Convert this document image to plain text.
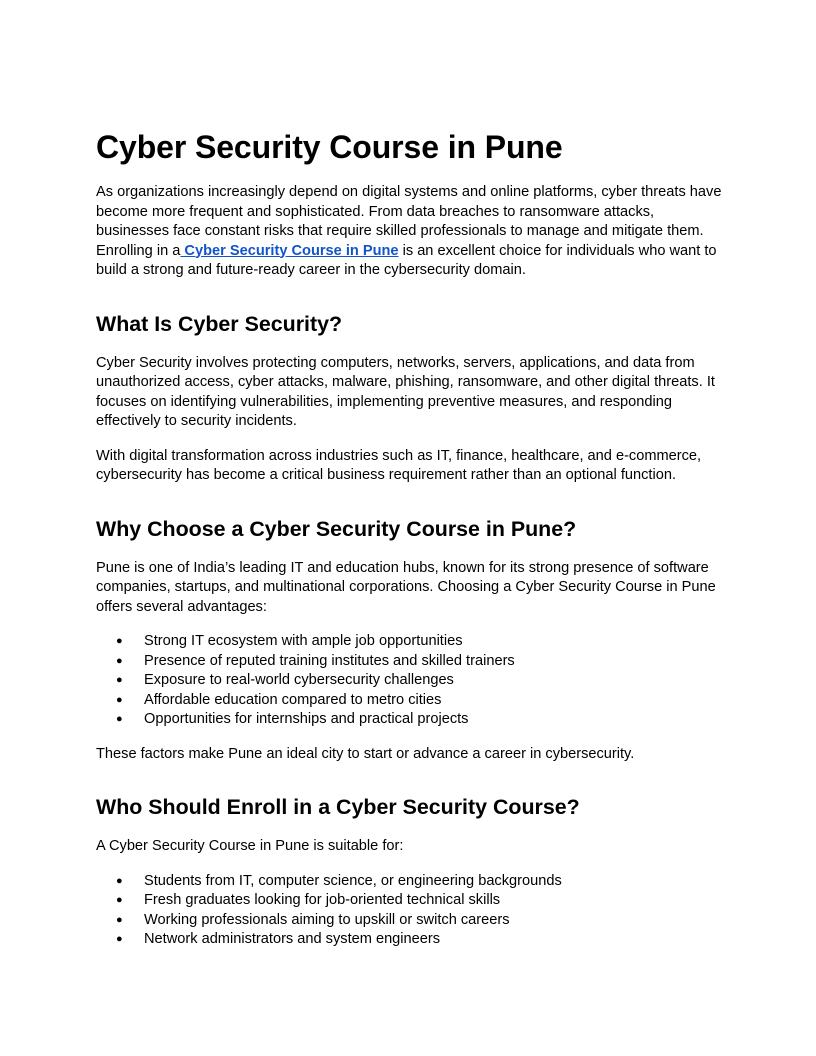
Cyber Security Course in Pune

As organizations increasingly depend on digital systems and online platforms, cyber threats have become more frequent and sophisticated. From data breaches to ransomware attacks, businesses face constant risks that require skilled professionals to manage and mitigate them. Enrolling in a Cyber Security Course in Pune is an excellent choice for individuals who want to build a strong and future-ready career in the cybersecurity domain.

What Is Cyber Security?

Cyber Security involves protecting computers, networks, servers, applications, and data from unauthorized access, cyber attacks, malware, phishing, ransomware, and other digital threats. It focuses on identifying vulnerabilities, implementing preventive measures, and responding effectively to security incidents.

With digital transformation across industries such as IT, finance, healthcare, and e-commerce, cybersecurity has become a critical business requirement rather than an optional function.

Why Choose a Cyber Security Course in Pune?

Pune is one of India’s leading IT and education hubs, known for its strong presence of software companies, startups, and multinational corporations. Choosing a Cyber Security Course in Pune offers several advantages:

● Strong IT ecosystem with ample job opportunities
● Presence of reputed training institutes and skilled trainers
● Exposure to real-world cybersecurity challenges
● Affordable education compared to metro cities
● Opportunities for internships and practical projects

These factors make Pune an ideal city to start or advance a career in cybersecurity.

Who Should Enroll in a Cyber Security Course?

A Cyber Security Course in Pune is suitable for:

● Students from IT, computer science, or engineering backgrounds
● Fresh graduates looking for job-oriented technical skills
● Working professionals aiming to upskill or switch careers
● Network administrators and system engineers
